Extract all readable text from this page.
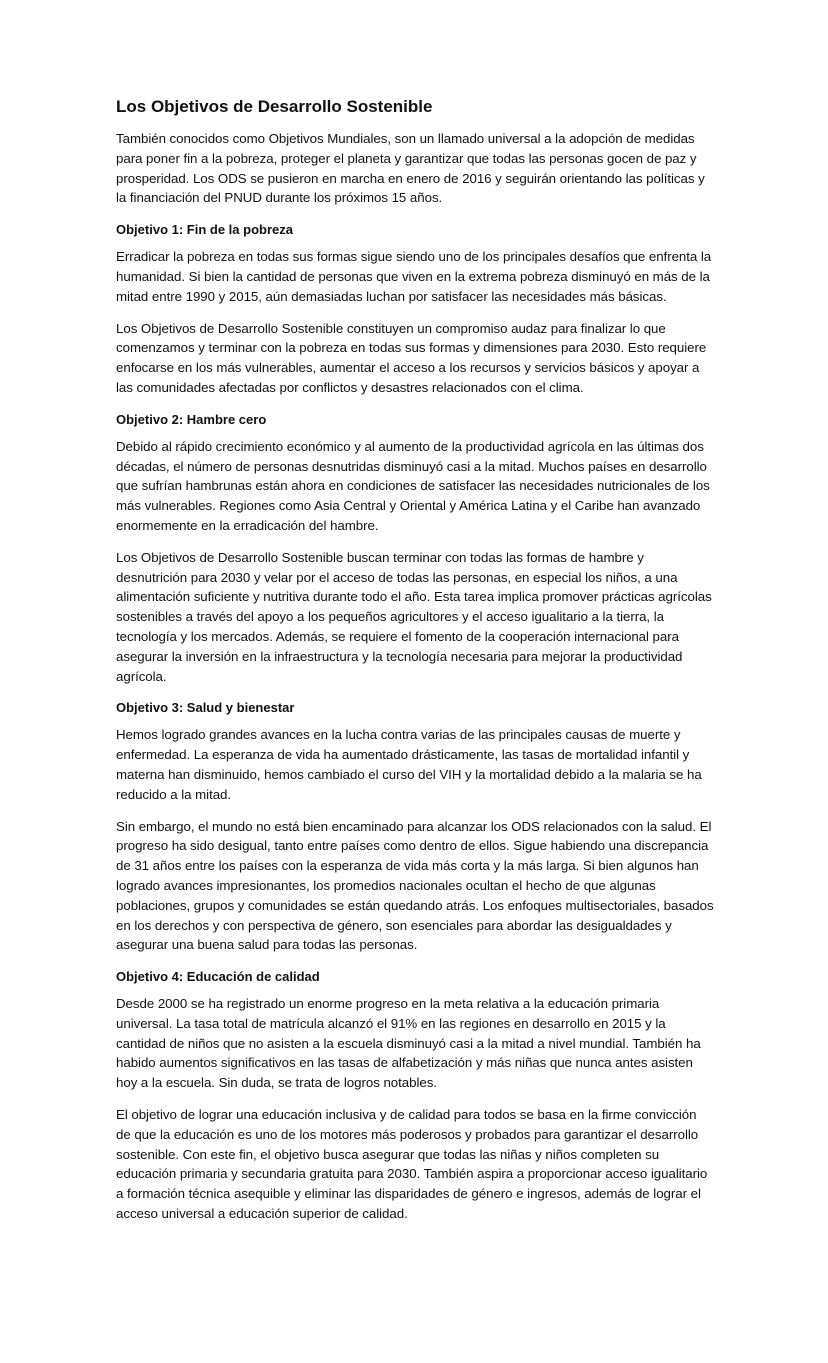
Los Objetivos de Desarrollo Sostenible

También conocidos como Objetivos Mundiales, son un llamado universal a la adopción de medidas para poner fin a la pobreza, proteger el planeta y garantizar que todas las personas gocen de paz y prosperidad. Los ODS se pusieron en marcha en enero de 2016 y seguirán orientando las políticas y la financiación del PNUD durante los próximos 15 años.

Objetivo 1: Fin de la pobreza

Erradicar la pobreza en todas sus formas sigue siendo uno de los principales desafíos que enfrenta la humanidad. Si bien la cantidad de personas que viven en la extrema pobreza disminuyó en más de la mitad entre 1990 y 2015, aún demasiadas luchan por satisfacer las necesidades más básicas.

Los Objetivos de Desarrollo Sostenible constituyen un compromiso audaz para finalizar lo que comenzamos y terminar con la pobreza en todas sus formas y dimensiones para 2030. Esto requiere enfocarse en los más vulnerables, aumentar el acceso a los recursos y servicios básicos y apoyar a las comunidades afectadas por conflictos y desastres relacionados con el clima.

Objetivo 2: Hambre cero

Debido al rápido crecimiento económico y al aumento de la productividad agrícola en las últimas dos décadas, el número de personas desnutridas disminuyó casi a la mitad. Muchos países en desarrollo que sufrían hambrunas están ahora en condiciones de satisfacer las necesidades nutricionales de los más vulnerables. Regiones como Asia Central y Oriental y América Latina y el Caribe han avanzado enormemente en la erradicación del hambre.

Los Objetivos de Desarrollo Sostenible buscan terminar con todas las formas de hambre y desnutrición para 2030 y velar por el acceso de todas las personas, en especial los niños, a una alimentación suficiente y nutritiva durante todo el año. Esta tarea implica promover prácticas agrícolas sostenibles a través del apoyo a los pequeños agricultores y el acceso igualitario a la tierra, la tecnología y los mercados. Además, se requiere el fomento de la cooperación internacional para asegurar la inversión en la infraestructura y la tecnología necesaria para mejorar la productividad agrícola.

Objetivo 3: Salud y bienestar

Hemos logrado grandes avances en la lucha contra varias de las principales causas de muerte y enfermedad. La esperanza de vida ha aumentado drásticamente, las tasas de mortalidad infantil y materna han disminuido, hemos cambiado el curso del VIH y la mortalidad debido a la malaria se ha reducido a la mitad.

Sin embargo, el mundo no está bien encaminado para alcanzar los ODS relacionados con la salud. El progreso ha sido desigual, tanto entre países como dentro de ellos. Sigue habiendo una discrepancia de 31 años entre los países con la esperanza de vida más corta y la más larga. Si bien algunos han logrado avances impresionantes, los promedios nacionales ocultan el hecho de que algunas poblaciones, grupos y comunidades se están quedando atrás. Los enfoques multisectoriales, basados en los derechos y con perspectiva de género, son esenciales para abordar las desigualdades y asegurar una buena salud para todas las personas.

Objetivo 4: Educación de calidad

Desde 2000 se ha registrado un enorme progreso en la meta relativa a la educación primaria universal. La tasa total de matrícula alcanzó el 91% en las regiones en desarrollo en 2015 y la cantidad de niños que no asisten a la escuela disminuyó casi a la mitad a nivel mundial. También ha habido aumentos significativos en las tasas de alfabetización y más niñas que nunca antes asisten hoy a la escuela. Sin duda, se trata de logros notables.

El objetivo de lograr una educación inclusiva y de calidad para todos se basa en la firme convicción de que la educación es uno de los motores más poderosos y probados para garantizar el desarrollo sostenible. Con este fin, el objetivo busca asegurar que todas las niñas y niños completen su educación primaria y secundaria gratuita para 2030. También aspira a proporcionar acceso igualitario a formación técnica asequible y eliminar las disparidades de género e ingresos, además de lograr el acceso universal a educación superior de calidad.
